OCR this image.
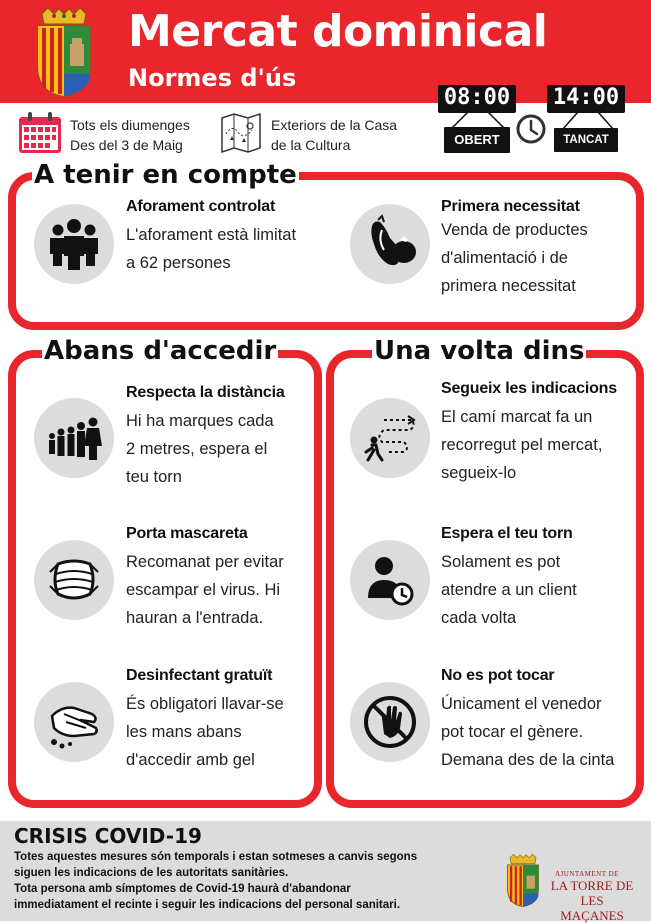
Mercat dominical
Normes d'ús
Tots els diumenges
Des del 3 de Maig
Exteriors de la Casa
de la Cultura
08:00
OBERT
14:00
TANCAT
A tenir en compte
Aforament controlat
L'aforament està limitat
a 62 persones
Primera necessitat
Venda de productes
d'alimentació i de
primera necessitat
Abans d'accedir
Respecta la distància
Hi ha marques cada
2 metres, espera el
teu torn
Porta mascareta
Recomanat per evitar
escampar el virus. Hi
hauran a l'entrada.
Desinfectant gratuït
És obligatori llavar-se
les mans abans
d'accedir amb gel
Una volta dins
Segueix les indicacions
El camí marcat fa un
recorregut pel mercat,
segueix-lo
Espera el teu torn
Solament es pot
atendre a un client
cada volta
No es pot tocar
Únicament el venedor
pot tocar el gènere.
Demana des de la cinta
CRISIS COVID-19
Totes aquestes mesures són temporals i estan sotmeses a canvis segons
siguen les indicacions de les autoritats sanitàries.
Tota persona amb símptomes de Covid-19 haurà d'abandonar
immediatament el recinte i seguir les indicacions del personal sanitari.
AJUNTAMENT DE
LA TORRE DE
LES MAÇANES
